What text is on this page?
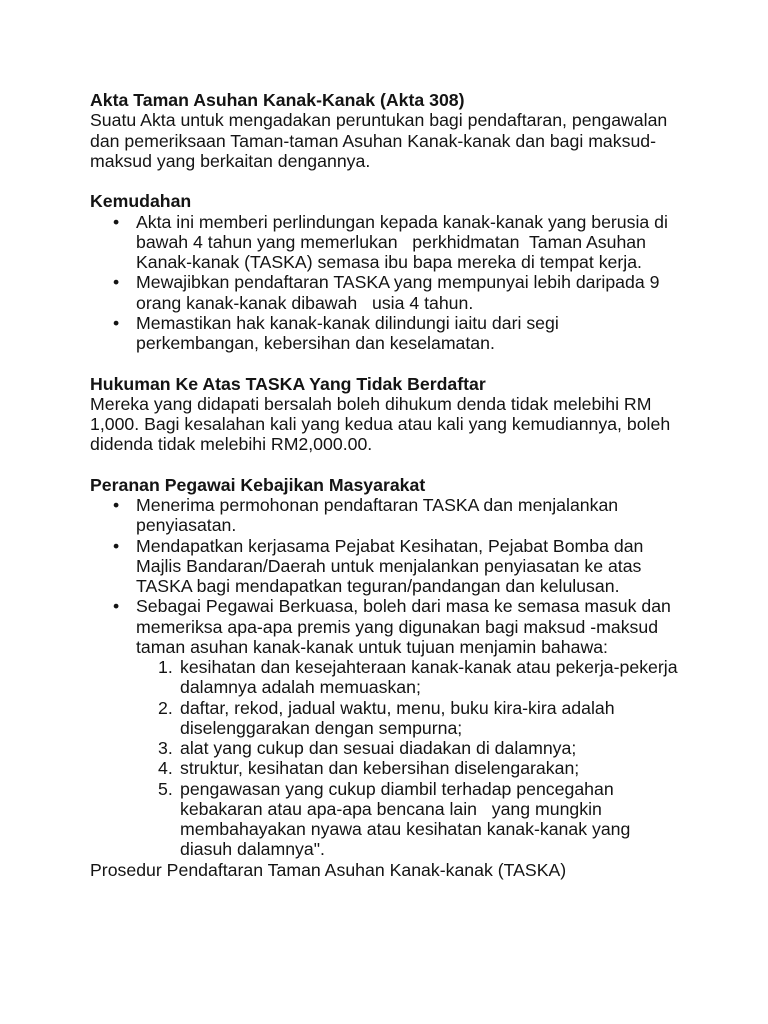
Akta Taman Asuhan Kanak-Kanak (Akta 308)
Suatu Akta untuk mengadakan peruntukan bagi pendaftaran, pengawalan
dan pemeriksaan Taman-taman Asuhan Kanak-kanak dan bagi maksud-
maksud yang berkaitan dengannya.
Kemudahan
• Akta ini memberi perlindungan kepada kanak-kanak yang berusia di
bawah 4 tahun yang memerlukan   perkhidmatan  Taman Asuhan
Kanak-kanak (TASKA) semasa ibu bapa mereka di tempat kerja.
• Mewajibkan pendaftaran TASKA yang mempunyai lebih daripada 9
orang kanak-kanak dibawah   usia 4 tahun.
• Memastikan hak kanak-kanak dilindungi iaitu dari segi
perkembangan, kebersihan dan keselamatan.
Hukuman Ke Atas TASKA Yang Tidak Berdaftar
Mereka yang didapati bersalah boleh dihukum denda tidak melebihi RM
1,000. Bagi kesalahan kali yang kedua atau kali yang kemudiannya, boleh
didenda tidak melebihi RM2,000.00.
Peranan Pegawai Kebajikan Masyarakat
• Menerima permohonan pendaftaran TASKA dan menjalankan
penyiasatan.
• Mendapatkan kerjasama Pejabat Kesihatan, Pejabat Bomba dan
Majlis Bandaran/Daerah untuk menjalankan penyiasatan ke atas
TASKA bagi mendapatkan teguran/pandangan dan kelulusan.
• Sebagai Pegawai Berkuasa, boleh dari masa ke semasa masuk dan
memeriksa apa-apa premis yang digunakan bagi maksud -maksud
taman asuhan kanak-kanak untuk tujuan menjamin bahawa:
1. kesihatan dan kesejahteraan kanak-kanak atau pekerja-pekerja
dalamnya adalah memuaskan;
2. daftar, rekod, jadual waktu, menu, buku kira-kira adalah
diselenggarakan dengan sempurna;
3. alat yang cukup dan sesuai diadakan di dalamnya;
4. struktur, kesihatan dan kebersihan diselengarakan;
5. pengawasan yang cukup diambil terhadap pencegahan
kebakaran atau apa-apa bencana lain   yang mungkin
membahayakan nyawa atau kesihatan kanak-kanak yang
diasuh dalamnya".
Prosedur Pendaftaran Taman Asuhan Kanak-kanak (TASKA)
